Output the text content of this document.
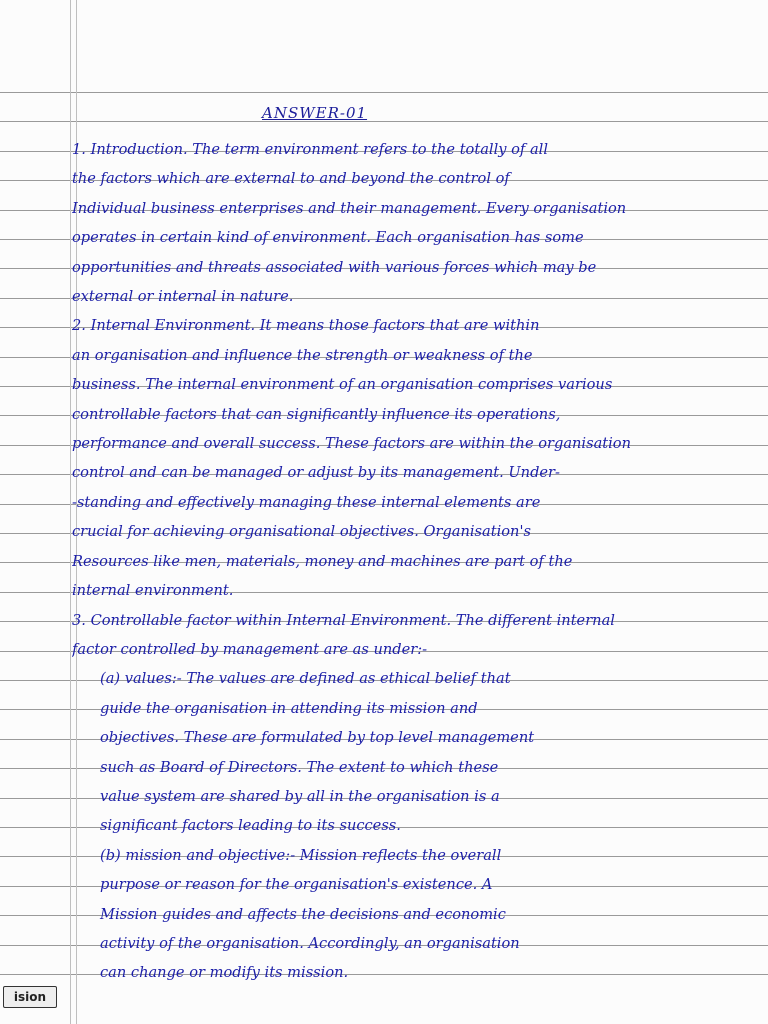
ANSWER-01

1. Introduction. The term environment refers to the totally of all
the factors which are external to and beyond the control of
Individual business enterprises and their management. Every organisation
operates in certain kind of environment. Each organisation has some
opportunities and threats associated with various forces which may be
external or internal in nature.

2. Internal Environment. It means those factors that are within
an organisation and influence the strength or weakness of the
business. The internal environment of an organisation comprises various
controllable factors that can significantly influence its operations,
performance and overall success. These factors are within the organisation
control and can be managed or adjust by its management. Under-
-standing and effectively managing these internal elements are
crucial for achieving organisational objectives. Organisation's
Resources like men, materials, money and machines are part of the
internal environment.

3. Controllable factor within Internal Environment. The different internal
factor controlled by management are as under:-
(a) values:- The values are defined as ethical belief that
guide the organisation in attending its mission and
objectives. These are formulated by top level management
such as Board of Directors. The extent to which these
value system are shared by all in the organisation is a
significant factors leading to its success.
(b) mission and objective:- Mission reflects the overall
purpose or reason for the organisation's existence. A
Mission guides and affects the decisions and economic
activity of the organisation. Accordingly, an organisation
can change or modify its mission.

ision
